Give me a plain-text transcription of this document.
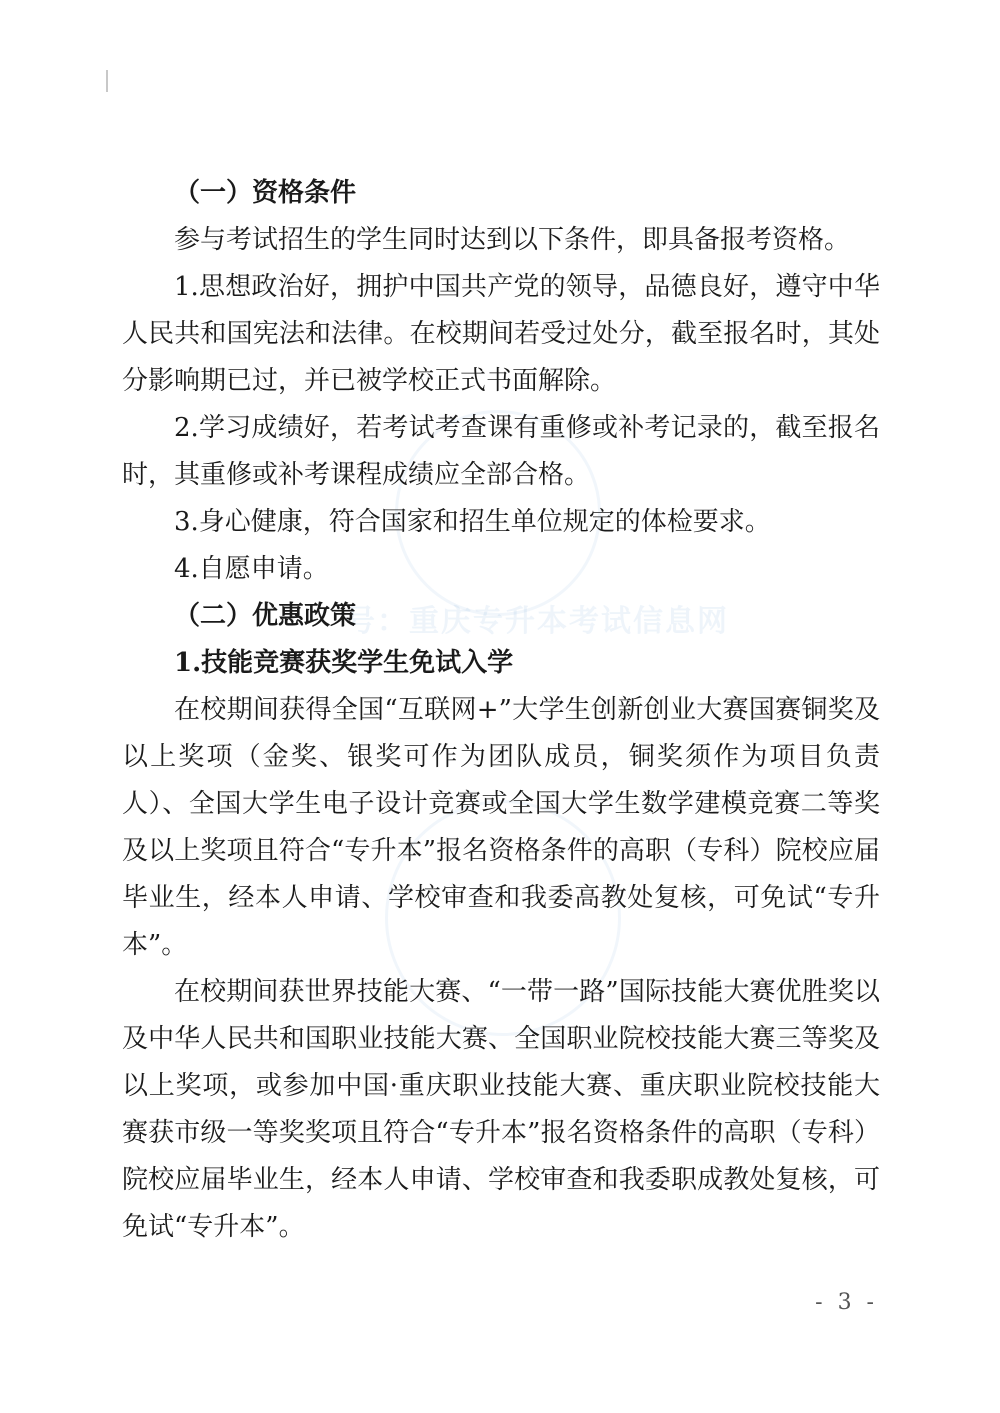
号：重庆专升本考试信息网
（一）资格条件

参与考试招生的学生同时达到以下条件，即具备报考资格。

1.思想政治好，拥护中国共产党的领导，品德良好，遵守中华人民共和国宪法和法律。在校期间若受过处分，截至报名时，其处分影响期已过，并已被学校正式书面解除。

2.学习成绩好，若考试考查课有重修或补考记录的，截至报名时，其重修或补考课程成绩应全部合格。

3.身心健康，符合国家和招生单位规定的体检要求。

4.自愿申请。

（二）优惠政策
1.技能竞赛获奖学生免试入学

在校期间获得全国“互联网+”大学生创新创业大赛国赛铜奖及以上奖项（金奖、银奖可作为团队成员，铜奖须作为项目负责人）、全国大学生电子设计竞赛或全国大学生数学建模竞赛二等奖及以上奖项且符合“专升本”报名资格条件的高职（专科）院校应届毕业生，经本人申请、学校审查和我委高教处复核，可免试“专升本”。

在校期间获世界技能大赛、“一带一路”国际技能大赛优胜奖以及中华人民共和国职业技能大赛、全国职业院校技能大赛三等奖及以上奖项，或参加中国·重庆职业技能大赛、重庆职业院校技能大赛获市级一等奖奖项且符合“专升本”报名资格条件的高职（专科）院校应届毕业生，经本人申请、学校审查和我委职成教处复核，可免试“专升本”。

- 3 -
